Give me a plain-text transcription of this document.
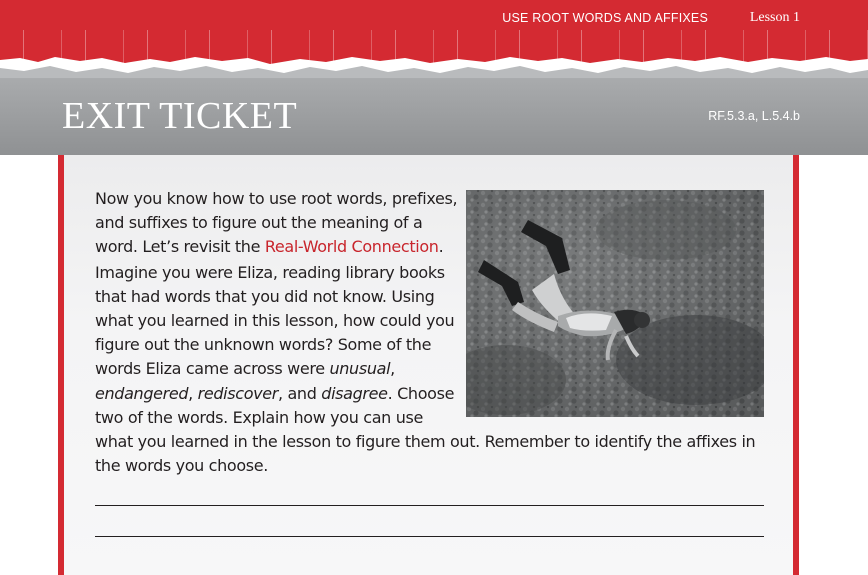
USE ROOT WORDS AND AFFIXES	Lesson 1
EXIT TICKET	RF.5.3.a, L.5.4.b

Now you know how to use root words, prefixes, and suffixes to figure out the meaning of a word. Let’s revisit the Real-World Connection.

Imagine you were Eliza, reading library books that had words that you did not know. Using what you learned in this lesson, how could you figure out the unknown words? Some of the words Eliza came across were unusual, endangered, rediscover, and disagree. Choose two of the words. Explain how you can use what you learned in the lesson to figure them out. Remember to identify the affixes in the words you choose.
